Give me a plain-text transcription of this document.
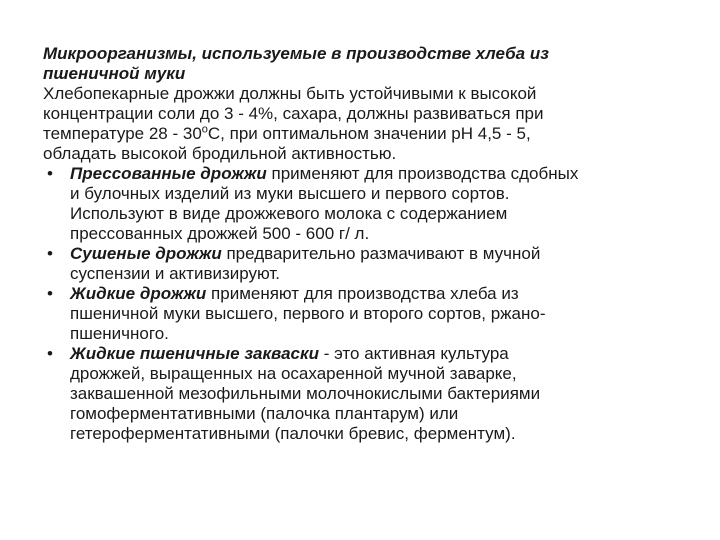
Микроорганизмы, используемые в производстве хлеба из
пшеничной муки

Хлебопекарные дрожжи должны быть устойчивыми к высокой
концентрации соли до 3 - 4%, сахара, должны развиваться при
температуре $28 - 30^оС$, при оптимальном значении рН 4,5 - 5,
обладать высокой бродильной активностью.

• Прессованные дрожжи применяют для производства сдобных
и булочных изделий из муки высшего и первого сортов.
Используют в виде дрожжевого молока с содержанием
прессованных дрожжей 500 - 600 г/ л.
• Сушеные дрожжи предварительно размачивают в мучной
суспензии и активизируют.
• Жидкие дрожжи применяют для производства хлеба из
пшеничной муки высшего, первого и второго сортов, ржано-
пшеничного.
• Жидкие пшеничные закваски - это активная культура
дрожжей, выращенных на осахаренной мучной заварке,
заквашенной мезофильными молочнокислыми бактериями
гомоферментативными (палочка плантарум) или
гетероферментативными (палочки бревис, ферментум).
